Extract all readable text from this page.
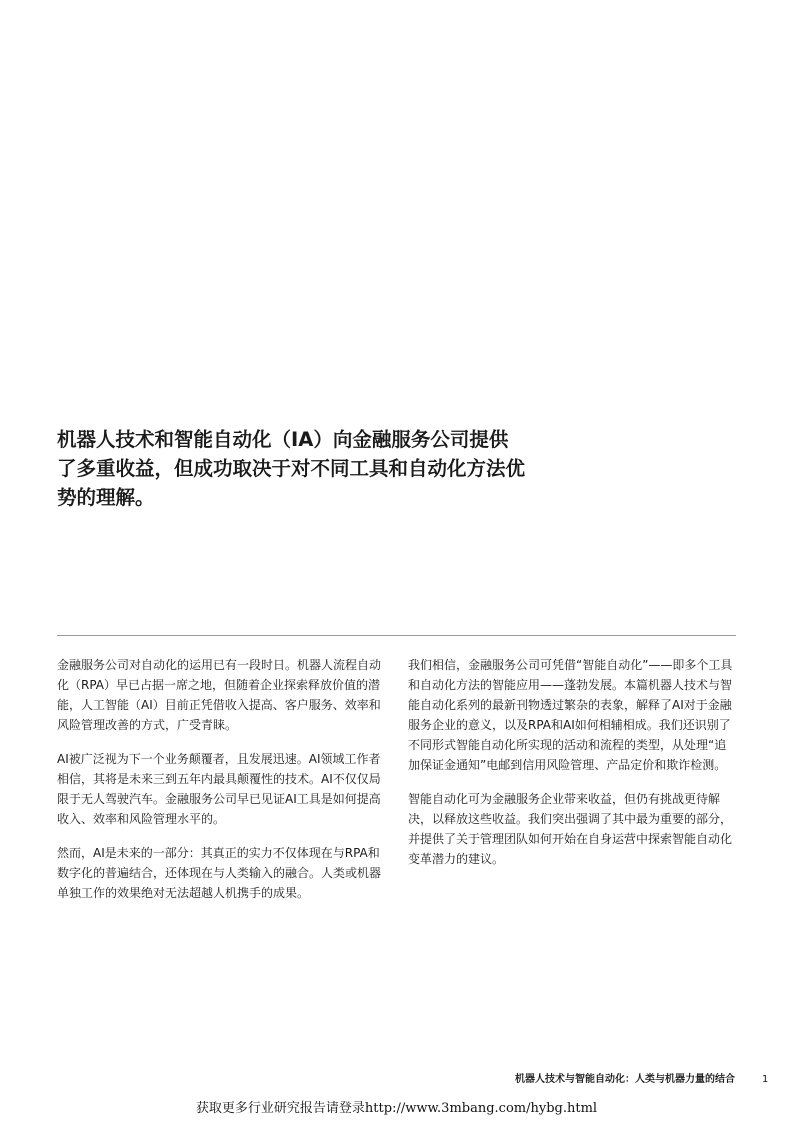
机器人技术和智能自动化（IA）向金融服务公司提供了多重收益，但成功取决于对不同工具和自动化方法优势的理解。

金融服务公司对自动化的运用已有一段时日。机器人流程自动化（RPA）早已占据一席之地，但随着企业探索释放价值的潜能，人工智能（AI）目前正凭借收入提高、客户服务、效率和风险管理改善的方式，广受青睐。

AI被广泛视为下一个业务颠覆者，且发展迅速。AI领域工作者相信，其将是未来三到五年内最具颠覆性的技术。AI不仅仅局限于无人驾驶汽车。金融服务公司早已见证AI工具是如何提高收入、效率和风险管理水平的。

然而，AI是未来的一部分：其真正的实力不仅体现在与RPA和数字化的普遍结合，还体现在与人类输入的融合。人类或机器单独工作的效果绝对无法超越人机携手的成果。

我们相信，金融服务公司可凭借“智能自动化”——即多个工具和自动化方法的智能应用——蓬勃发展。本篇机器人技术与智能自动化系列的最新刊物透过繁杂的表象，解释了AI对于金融服务企业的意义，以及RPA和AI如何相辅相成。我们还识别了不同形式智能自动化所实现的活动和流程的类型，从处理“追加保证金通知”电邮到信用风险管理、产品定价和欺诈检测。

智能自动化可为金融服务企业带来收益，但仍有挑战更待解决，以释放这些收益。我们突出强调了其中最为重要的部分，并提供了关于管理团队如何开始在自身运营中探索智能自动化变革潜力的建议。

机器人技术与智能自动化：人类与机器力量的结合	1
获取更多行业研究报告请登录http://www.3mbang.com/hybg.html
